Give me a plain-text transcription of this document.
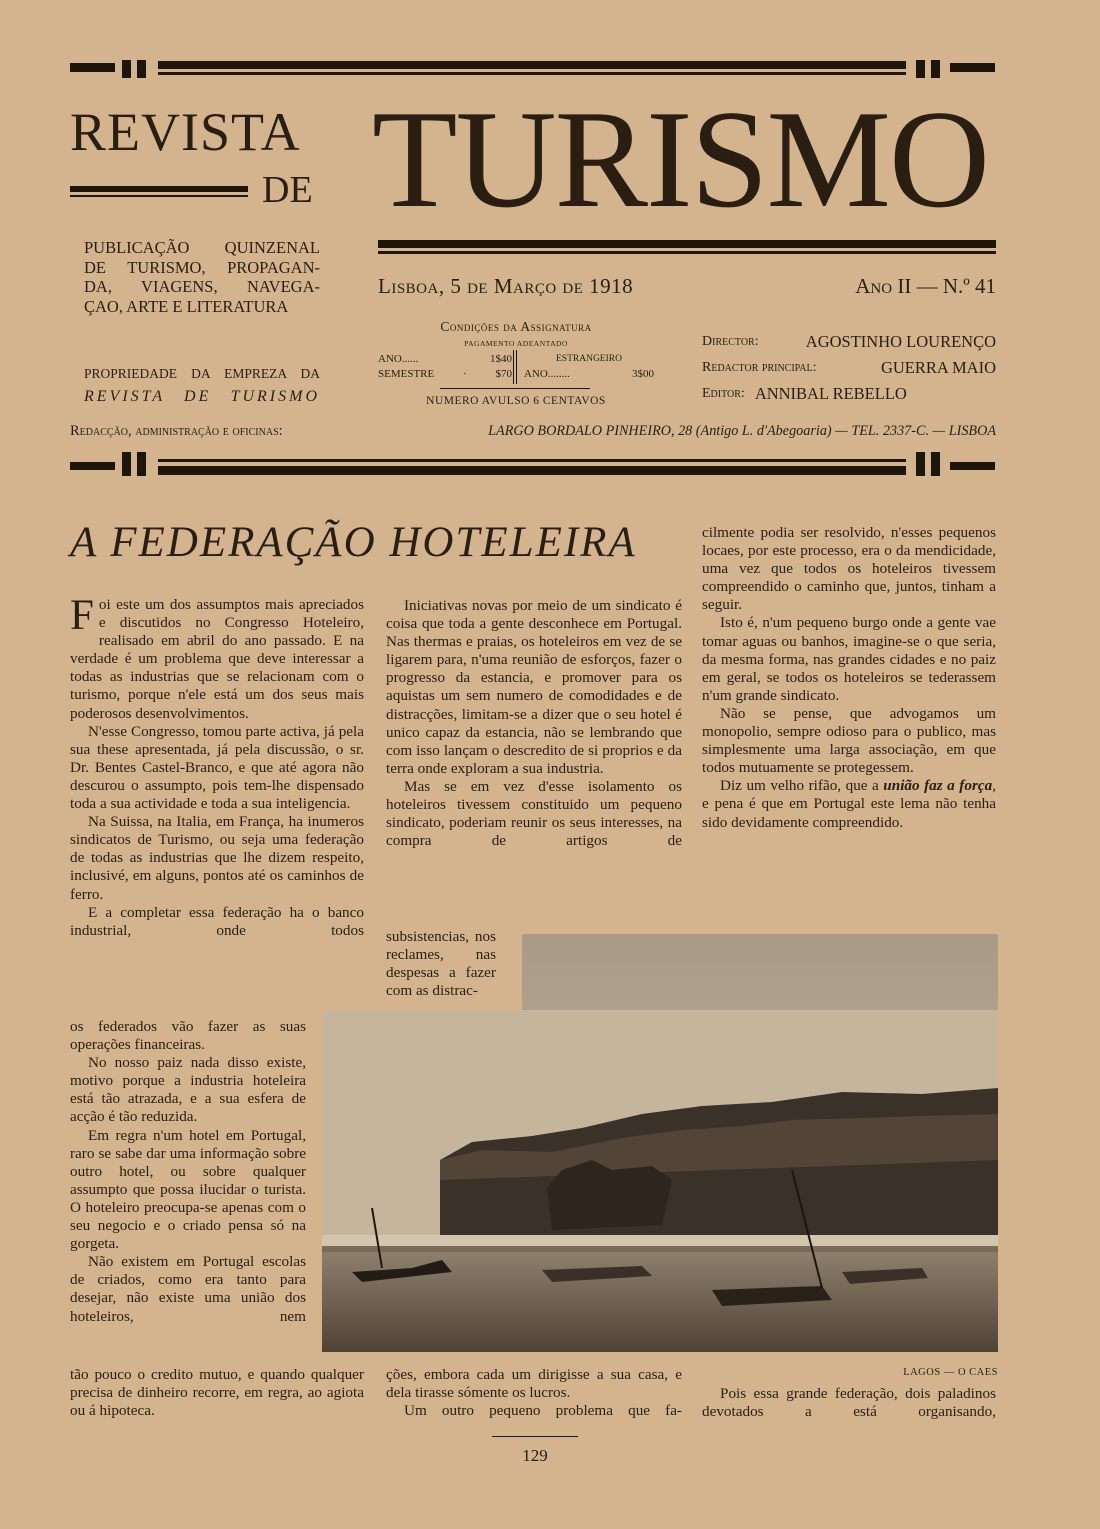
REVISTA
DE TURISMO
PUBLICAÇÃO QUINZENAL
DE TURISMO, PROPAGAN-
DA, VIAGENS, NAVEGA-
ÇAO, ARTE E LITERATURA
PROPRIEDADE DA EMPREZA DA
REVISTA DE TURISMO
Lisboa, 5 de Março de 1918	Ano II — N.º 41
Condições da Assignatura
PAGAMENTO ADEANTADO
ANO...... 1$40
SEMESTRE · $70
ESTRANGEIRO
ANO........ 3$00
NUMERO AVULSO 6 CENTAVOS
Director:	AGOSTINHO LOURENÇO
Redactor principal:	GUERRA MAIO
Editor: ANNIBAL REBELLO
Redacção, administração e oficinas:	LARGO BORDALO PINHEIRO, 28 (Antigo L. d'Abegoaria) — TEL. 2337-C. — LISBOA
A FEDERAÇÃO HOTELEIRA

Foi este um dos assumptos mais apreciados e discutidos no Congresso Hoteleiro, realisado em abril do ano passado. E na verdade é um problema que deve interessar a todas as industrias que se relacionam com o turismo, porque n'ele está um dos seus mais poderosos desenvolvimentos.

N'esse Congresso, tomou parte activa, já pela sua these apresentada, já pela discussão, o sr. Dr. Bentes Castel-Branco, e que até agora não descurou o assumpto, pois tem-lhe dispensado toda a sua actividade e toda a sua inteligencia.

Na Suissa, na Italia, em França, ha inumeros sindicatos de Turismo, ou seja uma federação de todas as industrias que lhe dizem respeito, inclusivé, em alguns, pontos até os caminhos de ferro.

E a completar essa federação ha o banco industrial, onde todos

os federados vão fazer as suas operações financeiras.

No nosso paiz nada disso existe, motivo porque a industria hoteleira está tão atrazada, e a sua esfera de acção é tão reduzida.

Em regra n'um hotel em Portugal, raro se sabe dar uma informação sobre outro hotel, ou sobre qualquer assumpto que possa ilucidar o turista. O hoteleiro preocupa-se apenas com o seu negocio e o criado pensa só na gorgeta.

Não existem em Portugal escolas de criados, como era tanto para desejar, não existe uma união dos hoteleiros, nem

tão pouco o credito mutuo, e quando qualquer precisa de dinheiro recorre, em regra, ao agiota ou á hipoteca.

Iniciativas novas por meio de um sindicato é coisa que toda a gente desconhece em Portugal. Nas thermas e praias, os hoteleiros em vez de se ligarem para, n'uma reunião de esforços, fazer o progresso da estancia, e promover para os aquistas um sem numero de comodidades e de distracções, limitam-se a dizer que o seu hotel é unico capaz da estancia, não se lembrando que com isso lançam o descredito de si proprios e da terra onde exploram a sua industria.

Mas se em vez d'esse isolamento os hoteleiros tivessem constituido um pequeno sindicato, poderiam reunir os seus interesses, na compra de artigos de

subsistencias, nos reclames, nas despesas a fazer com as distrac-

ções, embora cada um dirigisse a sua casa, e dela tirasse sómente os lucros.

Um outro pequeno problema que fa-

cilmente podia ser resolvido, n'esses pequenos locaes, por este processo, era o da mendicidade, uma vez que todos os hoteleiros tivessem compreendido o caminho que, juntos, tinham a seguir.

Isto é, n'um pequeno burgo onde a gente vae tomar aguas ou banhos, imagine-se o que seria, da mesma forma, nas grandes cidades e no paiz em geral, se todos os hoteleiros se tederassem n'um grande sindicato.

Não se pense, que advogamos um monopolio, sempre odioso para o publico, mas simplesmente uma larga associação, em que todos mutuamente se protegessem.

Diz um velho rifão, que a união faz a força, e pena é que em Portugal este lema não tenha sido devidamente compreendido.

Pois essa grande federação, dois paladinos devotados a está organisando,

LAGOS — O CAES
129
